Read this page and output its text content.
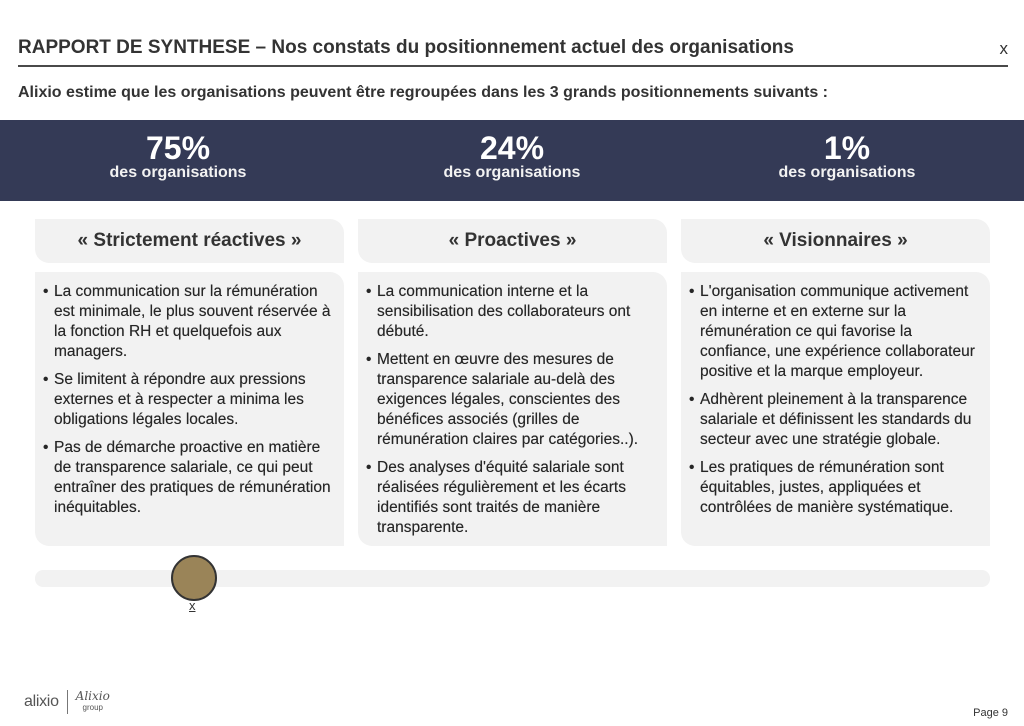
RAPPORT DE SYNTHESE – Nos constats du positionnement actuel des organisations	x
Alixio estime que les organisations peuvent être regroupées dans les 3 grands positionnements suivants :
75%
des organisations
24%
des organisations
1%
des organisations
« Strictement réactives »
• La communication sur la rémunération est minimale, le plus souvent réservée à la fonction RH et quelquefois aux managers.
• Se limitent à répondre aux pressions externes et à respecter a minima les obligations légales locales.
• Pas de démarche proactive en matière de transparence salariale, ce qui peut entraîner des pratiques de rémunération inéquitables.
« Proactives »
• La communication interne et la sensibilisation des collaborateurs ont débuté.
• Mettent en œuvre des mesures de transparence salariale au-delà des exigences légales, conscientes des bénéfices associés (grilles de rémunération claires par catégories..).
• Des analyses d'équité salariale sont réalisées régulièrement et les écarts identifiés sont traités de manière transparente.
« Visionnaires »
• L'organisation communique activement en interne et en externe sur la rémunération ce qui favorise la confiance, une expérience collaborateur positive et la marque employeur.
• Adhèrent pleinement à la transparence salariale et définissent les standards du secteur avec une stratégie globale.
• Les pratiques de rémunération sont équitables, justes, appliquées et contrôlées de manière systématique.
x
alixio Alixio
group	Page 9
